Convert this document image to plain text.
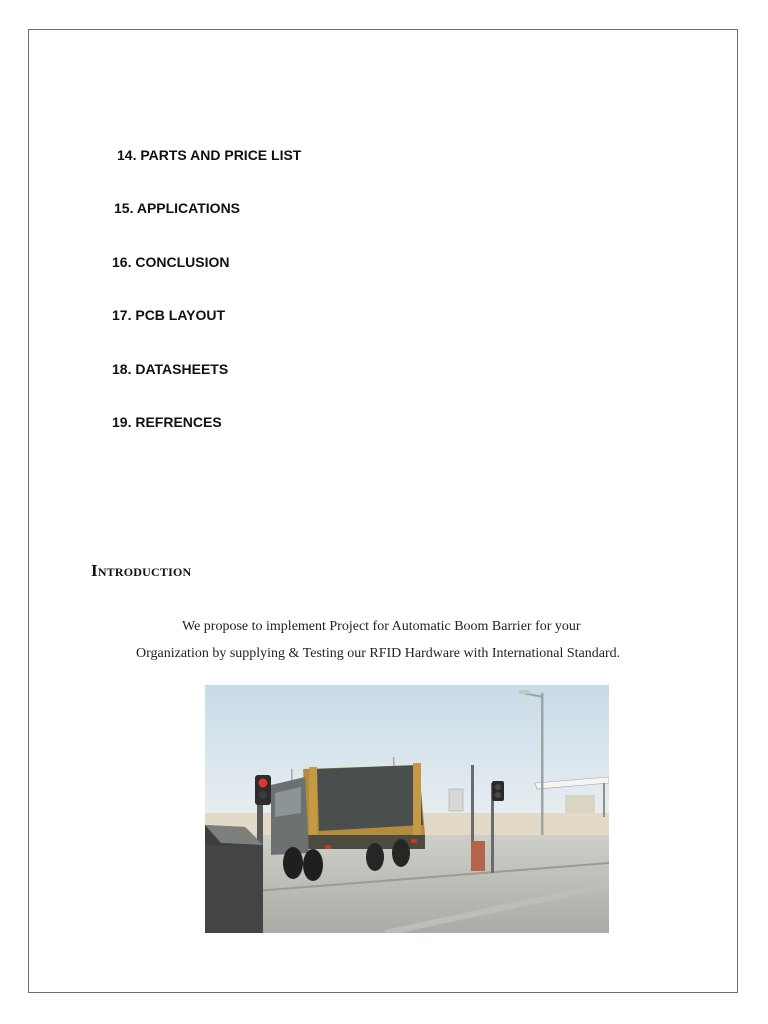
14. PARTS AND PRICE LIST
15. APPLICATIONS
16. CONCLUSION
17. PCB LAYOUT
18. DATASHEETS
19. REFRENCES
Introduction
We propose to implement Project for Automatic Boom Barrier for your
Organization by supplying & Testing our RFID Hardware with International Standard.
